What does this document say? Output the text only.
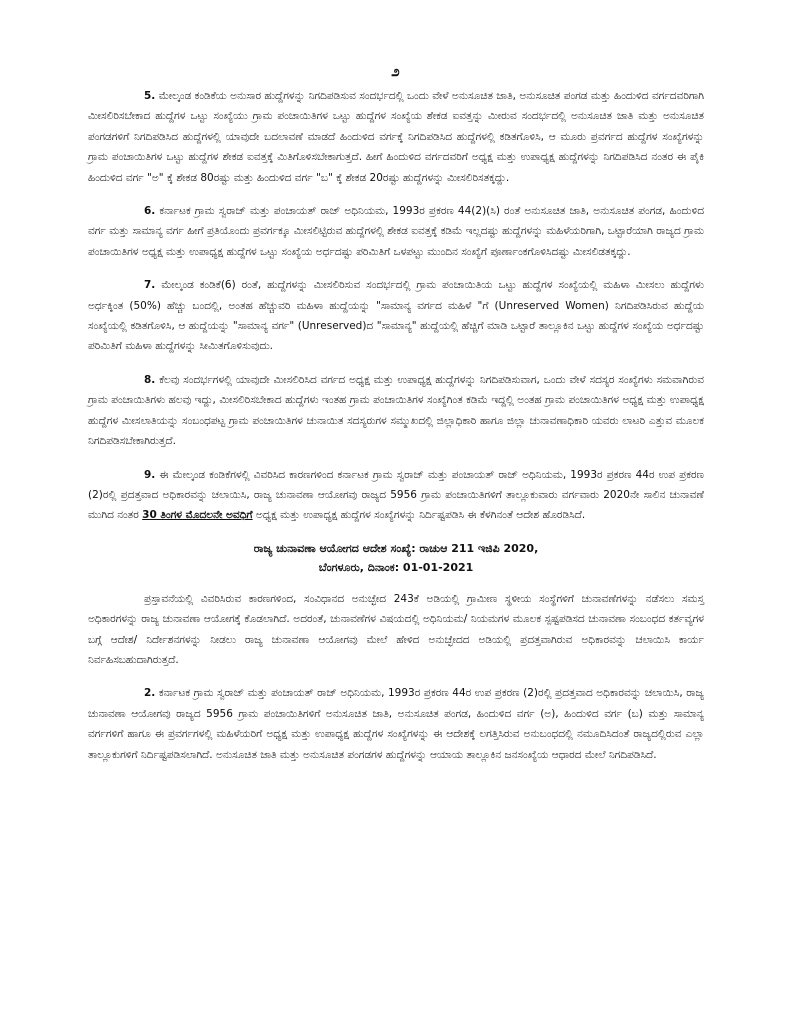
೨

5. ಮೇಲ್ಕಂಡ ಕಂಡಿಕೆಯ ಅನುಸಾರ ಹುದ್ದೆಗಳನ್ನು ನಿಗದಿಪಡಿಸುವ ಸಂದರ್ಭದಲ್ಲಿ ಒಂದು ವೇಳೆ ಅನುಸೂಚಿತ ಜಾತಿ, ಅನುಸೂಚಿತ ಪಂಗಡ ಮತ್ತು ಹಿಂದುಳಿದ ವರ್ಗದವರಿಗಾಗಿ ಮೀಸಲಿರಿಸಬೇಕಾದ ಹುದ್ದೆಗಳ ಒಟ್ಟು ಸಂಖ್ಯೆಯು ಗ್ರಾಮ ಪಂಚಾಯಿತಿಗಳ ಒಟ್ಟು ಹುದ್ದೆಗಳ ಸಂಖ್ಯೆಯ ಶೇಕಡ ಐವತ್ತನ್ನು ಮೀರುವ ಸಂದರ್ಭದಲ್ಲಿ ಅನುಸೂಚಿತ ಜಾತಿ ಮತ್ತು ಅನುಸೂಚಿತ ಪಂಗಡಗಳಿಗೆ ನಿಗದಿಪಡಿಸಿದ ಹುದ್ದೆಗಳಲ್ಲಿ ಯಾವುದೇ ಬದಲಾವಣೆ ಮಾಡದೆ ಹಿಂದುಳಿದ ವರ್ಗಕ್ಕೆ ನಿಗದಿಪಡಿಸಿದ ಹುದ್ದೆಗಳಲ್ಲಿ ಕಡಿತಗೊಳಿಸಿ, ಆ ಮೂರು ಪ್ರವರ್ಗದ ಹುದ್ದೆಗಳ ಸಂಖ್ಯೆಗಳನ್ನು ಗ್ರಾಮ ಪಂಚಾಯಿತಿಗಳ ಒಟ್ಟು ಹುದ್ದೆಗಳ ಶೇಕಡ ಐವತ್ತಕ್ಕೆ ಮಿತಿಗೊಳಿಸಬೇಕಾಗುತ್ತದೆ. ಹೀಗೆ ಹಿಂದುಳಿದ ವರ್ಗದವರಿಗೆ ಅಧ್ಯಕ್ಷ ಮತ್ತು ಉಪಾಧ್ಯಕ್ಷ ಹುದ್ದೆಗಳನ್ನು ನಿಗದಿಪಡಿಸಿದ ನಂತರ ಈ ಪೈಕಿ ಹಿಂದುಳಿದ ವರ್ಗ "ಅ" ಕ್ಕೆ ಶೇಕಡ 80ರಷ್ಟು ಮತ್ತು ಹಿಂದುಳಿದ ವರ್ಗ "ಬ" ಕ್ಕೆ ಶೇಕಡ 20ರಷ್ಟು ಹುದ್ದೆಗಳನ್ನು ಮೀಸಲಿರಿಸತಕ್ಕದ್ದು.

6. ಕರ್ನಾಟಕ ಗ್ರಾಮ ಸ್ವರಾಜ್ ಮತ್ತು ಪಂಚಾಯತ್ ರಾಜ್ ಅಧಿನಿಯಮ, 1993ರ ಪ್ರಕರಣ 44(2)(ಸಿ) ರಂತೆ ಅನುಸೂಚಿತ ಜಾತಿ, ಅನುಸೂಚಿತ ಪಂಗಡ, ಹಿಂದುಳಿದ ವರ್ಗ ಮತ್ತು ಸಾಮಾನ್ಯ ವರ್ಗ ಹೀಗೆ ಪ್ರತಿಯೊಂದು ಪ್ರವರ್ಗಕ್ಕೂ ಮೀಸಲಿಟ್ಟಿರುವ ಹುದ್ದೆಗಳಲ್ಲಿ ಶೇಕಡ ಐವತ್ತಕ್ಕೆ ಕಡಿಮೆ ಇಲ್ಲದಷ್ಟು ಹುದ್ದೆಗಳನ್ನು ಮಹಿಳೆಯರಿಗಾಗಿ, ಒಟ್ಟಾರೆಯಾಗಿ ರಾಜ್ಯದ ಗ್ರಾಮ ಪಂಚಾಯಿತಿಗಳ ಅಧ್ಯಕ್ಷ ಮತ್ತು ಉಪಾಧ್ಯಕ್ಷ ಹುದ್ದೆಗಳ ಒಟ್ಟು ಸಂಖ್ಯೆಯ ಅರ್ಧದಷ್ಟು ಪರಿಮಿತಿಗೆ ಒಳಪಟ್ಟು ಮುಂದಿನ ಸಂಖ್ಯೆಗೆ ಪೂರ್ಣಾಂಕಗೊಳಿಸಿದಷ್ಟು ಮೀಸಲಿಡತಕ್ಕದ್ದು.

7. ಮೇಲ್ಕಂಡ ಕಂಡಿಕೆ(6) ರಂತೆ, ಹುದ್ದೆಗಳನ್ನು ಮೀಸಲಿರಿಸುವ ಸಂದರ್ಭದಲ್ಲಿ ಗ್ರಾಮ ಪಂಚಾಯಿತಿಯ ಒಟ್ಟು ಹುದ್ದೆಗಳ ಸಂಖ್ಯೆಯಲ್ಲಿ ಮಹಿಳಾ ಮೀಸಲು ಹುದ್ದೆಗಳು ಅರ್ಧಕ್ಕಿಂತ (50%) ಹೆಚ್ಚು ಬಂದಲ್ಲಿ, ಅಂತಹ ಹೆಚ್ಚುವರಿ ಮಹಿಳಾ ಹುದ್ದೆಯನ್ನು "ಸಾಮಾನ್ಯ ವರ್ಗದ ಮಹಿಳೆ "ಗೆ (Unreserved Women) ನಿಗದಿಪಡಿಸಿರುವ ಹುದ್ದೆಯ ಸಂಖ್ಯೆಯಲ್ಲಿ ಕಡಿತಗೊಳಿಸಿ, ಆ ಹುದ್ದೆಯನ್ನು "ಸಾಮಾನ್ಯ ವರ್ಗ" (Unreserved)ದ "ಸಾಮಾನ್ಯ" ಹುದ್ದೆಯಲ್ಲಿ ಹೆಚ್ಚಿಗೆ ಮಾಡಿ ಒಟ್ಟಾರೆ ತಾಲ್ಲೂಕಿನ ಒಟ್ಟು ಹುದ್ದೆಗಳ ಸಂಖ್ಯೆಯ ಅರ್ಧದಷ್ಟು ಪರಿಮಿತಿಗೆ ಮಹಿಳಾ ಹುದ್ದೆಗಳನ್ನು ಸೀಮಿತಗೊಳಿಸುವುದು.

8. ಕೆಲವು ಸಂದರ್ಭಗಳಲ್ಲಿ ಯಾವುದೇ ಮೀಸಲಿರಿಸಿದ ವರ್ಗದ ಅಧ್ಯಕ್ಷ ಮತ್ತು ಉಪಾಧ್ಯಕ್ಷ ಹುದ್ದೆಗಳನ್ನು ನಿಗದಿಪಡಿಸುವಾಗ, ಒಂದು ವೇಳೆ ಸದಸ್ಯರ ಸಂಖ್ಯೆಗಳು ಸಮವಾಗಿರುವ ಗ್ರಾಮ ಪಂಚಾಯಿತಿಗಳು ಹಲವು ಇದ್ದು, ಮೀಸಲಿರಿಸಬೇಕಾದ ಹುದ್ದೆಗಳು ಇಂತಹ ಗ್ರಾಮ ಪಂಚಾಯಿತಿಗಳ ಸಂಖ್ಯೆಗಿಂತ ಕಡಿಮೆ ಇದ್ದಲ್ಲಿ ಅಂತಹ ಗ್ರಾಮ ಪಂಚಾಯಿತಿಗಳ ಅಧ್ಯಕ್ಷ ಮತ್ತು ಉಪಾಧ್ಯಕ್ಷ ಹುದ್ದೆಗಳ ಮೀಸಲಾತಿಯನ್ನು ಸಂಬಂಧಪಟ್ಟ ಗ್ರಾಮ ಪಂಚಾಯಿತಿಗಳ ಚುನಾಯಿತ ಸದಸ್ಯರುಗಳ ಸಮ್ಮುಖದಲ್ಲಿ ಜಿಲ್ಲಾಧಿಕಾರಿ ಹಾಗೂ ಜಿಲ್ಲಾ ಚುನಾವಣಾಧಿಕಾರಿ ಯವರು ಲಾಟರಿ ಎತ್ತುವ ಮೂಲಕ ನಿಗದಿಪಡಿಸಬೇಕಾಗಿರುತ್ತದೆ.

9. ಈ ಮೇಲ್ಕಂಡ ಕಂಡಿಕೆಗಳಲ್ಲಿ ವಿವರಿಸಿದ ಕಾರಣಗಳಿಂದ ಕರ್ನಾಟಕ ಗ್ರಾಮ ಸ್ವರಾಜ್ ಮತ್ತು ಪಂಚಾಯತ್ ರಾಜ್ ಅಧಿನಿಯಮ, 1993ರ ಪ್ರಕರಣ 44ರ ಉಪ ಪ್ರಕರಣ (2)ರಲ್ಲಿ ಪ್ರದತ್ತವಾದ ಅಧಿಕಾರವನ್ನು ಚಲಾಯಿಸಿ, ರಾಜ್ಯ ಚುನಾವಣಾ ಆಯೋಗವು ರಾಜ್ಯದ 5956 ಗ್ರಾಮ ಪಂಚಾಯಿತಿಗಳಿಗೆ ತಾಲ್ಲೂಕುವಾರು ವರ್ಗವಾರು 2020ನೇ ಸಾಲಿನ ಚುನಾವಣೆ ಮುಗಿದ ನಂತರ 30 ತಿಂಗಳ ಮೊದಲನೇ ಅವಧಿಗೆ ಅಧ್ಯಕ್ಷ ಮತ್ತು ಉಪಾಧ್ಯಕ್ಷ ಹುದ್ದೆಗಳ ಸಂಖ್ಯೆಗಳನ್ನು ನಿರ್ದಿಷ್ಟಪಡಿಸಿ ಈ ಕೆಳಗಿನಂತೆ ಆದೇಶ ಹೊರಡಿಸಿದೆ.

ರಾಜ್ಯ ಚುನಾವಣಾ ಆಯೋಗದ ಆದೇಶ ಸಂಖ್ಯೆ: ರಾಚುಆ 211 ಇಜಿಪಿ 2020,
ಬೆಂಗಳೂರು, ದಿನಾಂಕ: 01-01-2021

ಪ್ರಸ್ತಾವನೆಯಲ್ಲಿ ವಿವರಿಸಿರುವ ಕಾರಣಗಳಿಂದ, ಸಂವಿಧಾನದ ಅನುಚ್ಛೇದ 243ಕೆ ಅಡಿಯಲ್ಲಿ ಗ್ರಾಮೀಣ ಸ್ಥಳೀಯ ಸಂಸ್ಥೆಗಳಿಗೆ ಚುನಾವಣೆಗಳನ್ನು ನಡೆಸಲು ಸಮಸ್ತ ಅಧಿಕಾರಗಳನ್ನು ರಾಜ್ಯ ಚುನಾವಣಾ ಆಯೋಗಕ್ಕೆ ಕೊಡಲಾಗಿದೆ. ಅದರಂತೆ, ಚುನಾವಣೆಗಳ ವಿಷಯದಲ್ಲಿ ಅಧಿನಿಯಮ/ ನಿಯಮಗಳ ಮೂಲಕ ಸ್ಪಷ್ಟಪಡಿಸದ ಚುನಾವಣಾ ಸಂಬಂಧದ ಕರ್ತವ್ಯಗಳ ಬಗ್ಗೆ ಆದೇಶ/ ನಿರ್ದೇಶನಗಳನ್ನು ನೀಡಲು ರಾಜ್ಯ ಚುನಾವಣಾ ಆಯೋಗವು ಮೇಲೆ ಹೇಳಿದ ಅನುಚ್ಛೇದದ ಅಡಿಯಲ್ಲಿ ಪ್ರದತ್ತವಾಗಿರುವ ಅಧಿಕಾರವನ್ನು ಚಲಾಯಿಸಿ ಕಾರ್ಯ ನಿರ್ವಹಿಸಬಹುದಾಗಿರುತ್ತದೆ.

2. ಕರ್ನಾಟಕ ಗ್ರಾಮ ಸ್ವರಾಜ್ ಮತ್ತು ಪಂಚಾಯತ್ ರಾಜ್ ಅಧಿನಿಯಮ, 1993ರ ಪ್ರಕರಣ 44ರ ಉಪ ಪ್ರಕರಣ (2)ರಲ್ಲಿ ಪ್ರದತ್ತವಾದ ಅಧಿಕಾರವನ್ನು ಚಲಾಯಿಸಿ, ರಾಜ್ಯ ಚುನಾವಣಾ ಆಯೋಗವು ರಾಜ್ಯದ 5956 ಗ್ರಾಮ ಪಂಚಾಯಿತಿಗಳಿಗೆ ಅನುಸೂಚಿತ ಜಾತಿ, ಅನುಸೂಚಿತ ಪಂಗಡ, ಹಿಂದುಳಿದ ವರ್ಗ (ಅ), ಹಿಂದುಳಿದ ವರ್ಗ (ಬ) ಮತ್ತು ಸಾಮಾನ್ಯ ವರ್ಗಗಳಿಗೆ ಹಾಗೂ ಈ ಪ್ರವರ್ಗಗಳಲ್ಲಿ ಮಹಿಳೆಯರಿಗೆ ಅಧ್ಯಕ್ಷ ಮತ್ತು ಉಪಾಧ್ಯಕ್ಷ ಹುದ್ದೆಗಳ ಸಂಖ್ಯೆಗಳನ್ನು ಈ ಆದೇಶಕ್ಕೆ ಲಗತ್ತಿಸಿರುವ ಅನುಬಂಧದಲ್ಲಿ ನಮೂದಿಸಿದಂತೆ ರಾಜ್ಯದಲ್ಲಿರುವ ಎಲ್ಲಾ ತಾಲ್ಲೂಕುಗಳಿಗೆ ನಿರ್ದಿಷ್ಟಪಡಿಸಲಾಗಿದೆ. ಅನುಸೂಚಿತ ಜಾತಿ ಮತ್ತು ಅನುಸೂಚಿತ ಪಂಗಡಗಳ ಹುದ್ದೆಗಳನ್ನು ಆಯಾಯ ತಾಲ್ಲೂಕಿನ ಜನಸಂಖ್ಯೆಯ ಆಧಾರದ ಮೇಲೆ ನಿಗದಿಪಡಿಸಿದೆ.
